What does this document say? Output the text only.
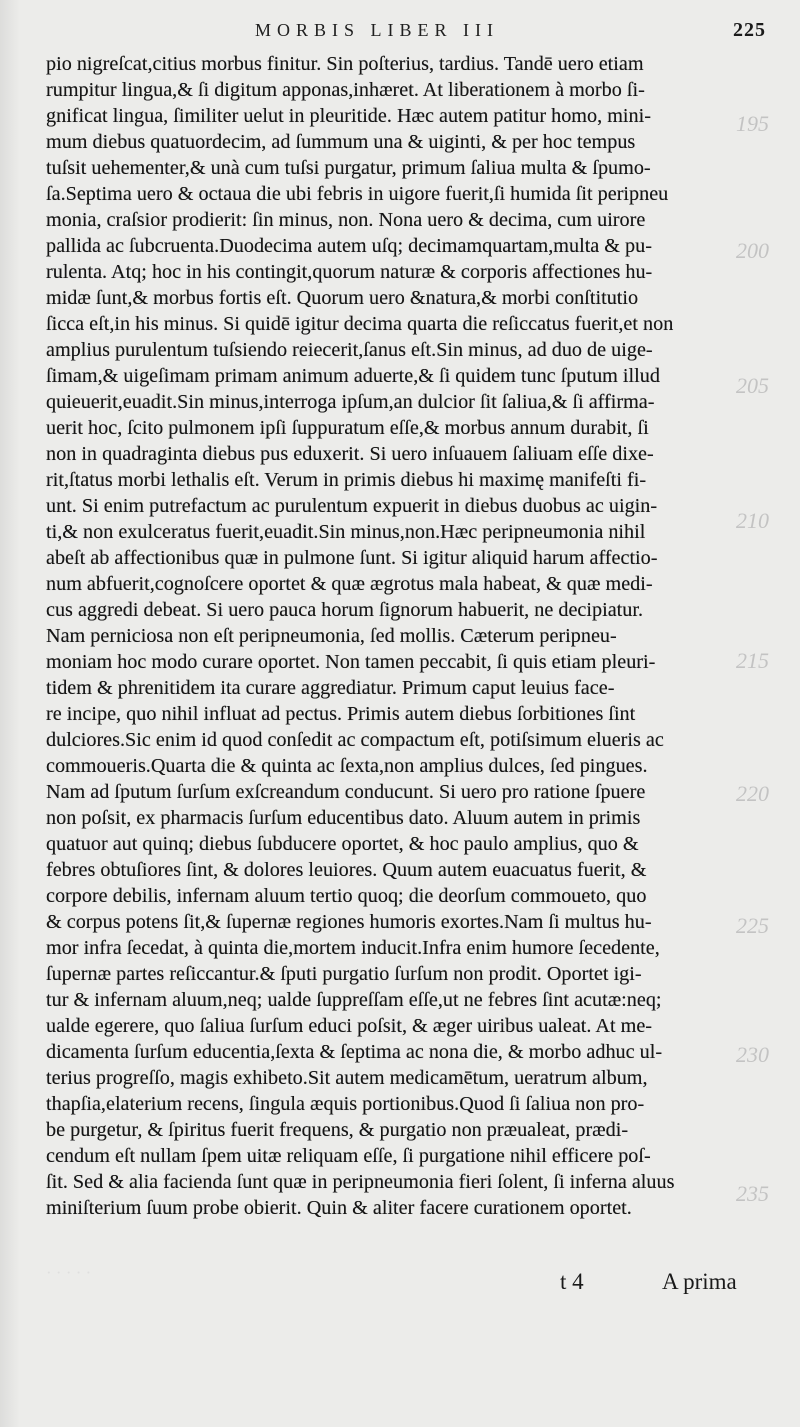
MORBIS LIBER III	225
pio nigreſcat,citius morbus finitur. Sin poſterius, tardius. Tandē uero etiam
rumpitur lingua,& ſi digitum apponas,inhæret. At liberationem à morbo ſi-
gnificat lingua, ſimiliter uelut in pleuritide. Hæc autem patitur homo, mini-
mum diebus quatuordecim, ad ſummum una & uiginti, & per hoc tempus
tuſsit uehementer,& unà cum tuſsi purgatur, primum ſaliua multa & ſpumo-
ſa.Septima uero & octaua die ubi febris in uigore fuerit,ſi humida ſit peripneu
monia, craſsior prodierit: ſin minus, non. Nona uero & decima, cum uirore
pallida ac ſubcruenta.Duodecima autem uſq; decimamquartam,multa & pu-
rulenta. Atq; hoc in his contingit,quorum naturæ & corporis affectiones hu-
midæ ſunt,& morbus fortis eſt. Quorum uero &natura,& morbi conſtitutio
ſicca eſt,in his minus. Si quidē igitur decima quarta die reſiccatus fuerit,et non
amplius purulentum tuſsiendo reiecerit,ſanus eſt.Sin minus, ad duo de uige-
ſimam,& uigeſimam primam animum aduerte,& ſi quidem tunc ſputum illud
quieuerit,euadit.Sin minus,interroga ipſum,an dulcior ſit ſaliua,& ſi affirma-
uerit hoc, ſcito pulmonem ipſi ſuppuratum eſſe,& morbus annum durabit, ſi
non in quadraginta diebus pus eduxerit. Si uero inſuauem ſaliuam eſſe dixe-
rit,ſtatus morbi lethalis eſt. Verum in primis diebus hi maximę manifeſti fi-
unt. Si enim putrefactum ac purulentum expuerit in diebus duobus ac uigin-
ti,& non exulceratus fuerit,euadit.Sin minus,non.Hæc peripneumonia nihil
abeſt ab affectionibus quæ in pulmone ſunt. Si igitur aliquid harum affectio-
num abfuerit,cognoſcere oportet & quæ ægrotus mala habeat, & quæ medi-
cus aggredi debeat. Si uero pauca horum ſignorum habuerit, ne decipiatur.
Nam perniciosa non eſt peripneumonia, ſed mollis. Cæterum peripneu-
moniam hoc modo curare oportet. Non tamen peccabit, ſi quis etiam pleuri-
tidem & phrenitidem ita curare aggrediatur. Primum caput leuius face-
re incipe, quo nihil influat ad pectus. Primis autem diebus ſorbitiones ſint
dulciores.Sic enim id quod conſedit ac compactum eſt, potiſsimum elueris ac
commoueris.Quarta die & quinta ac ſexta,non amplius dulces, ſed pingues.
Nam ad ſputum ſurſum exſcreandum conducunt. Si uero pro ratione ſpuere
non poſsit, ex pharmacis ſurſum educentibus dato. Aluum autem in primis
quatuor aut quinq; diebus ſubducere oportet, & hoc paulo amplius, quo &
febres obtuſiores ſint, & dolores leuiores. Quum autem euacuatus fuerit, &
corpore debilis, infernam aluum tertio quoq; die deorſum commoueto, quo
& corpus potens ſit,& ſupernæ regiones humoris exortes.Nam ſi multus hu-
mor infra ſecedat, à quinta die,mortem inducit.Infra enim humore ſecedente,
ſupernæ partes reſiccantur.& ſputi purgatio ſurſum non prodit. Oportet igi-
tur & infernam aluum,neq; ualde ſuppreſſam eſſe,ut ne febres ſint acutæ:neq;
ualde egerere, quo ſaliua ſurſum educi poſsit, & æger uiribus ualeat. At me-
dicamenta ſurſum educentia,ſexta & ſeptima ac nona die, & morbo adhuc ul-
terius progreſſo, magis exhibeto.Sit autem medicamētum, ueratrum album,
thapſia,elaterium recens, ſingula æquis portionibus.Quod ſi ſaliua non pro-
be purgetur, & ſpiritus fuerit frequens, & purgatio non præualeat, prædi-
cendum eſt nullam ſpem uitæ reliquam eſſe, ſi purgatione nihil efficere poſ-
ſit. Sed & alia facienda ſunt quæ in peripneumonia fieri ſolent, ſi inferna aluus
miniſterium ſuum probe obierit. Quin & aliter facere curationem oportet.
195
200
205
210
215
220
225
230
235
· · · · ·	t 4	A prima
